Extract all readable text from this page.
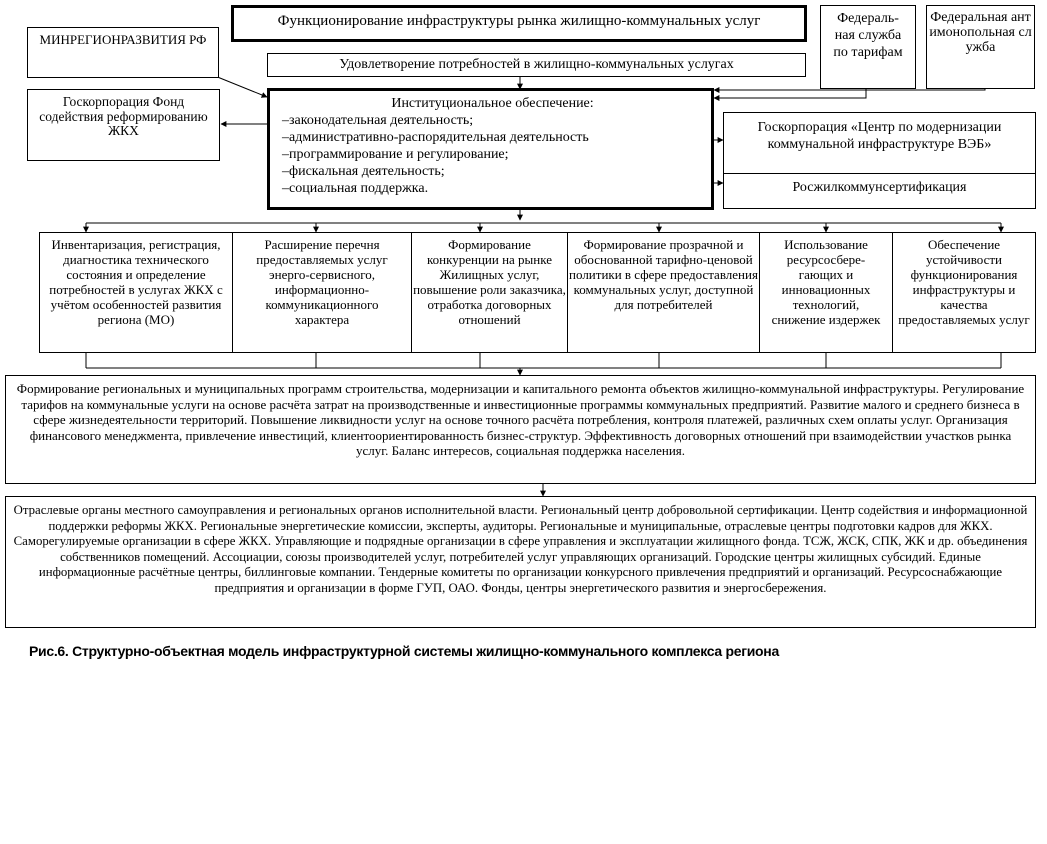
Функционирование инфраструктуры рынка жилищно-коммунальных услуг
Удовлетворение потребностей в жилищно-коммунальных услугах
МИНРЕГИОНРАЗВИТИЯ РФ
Федераль-ная служба по тарифам
Федеральная антимонопольная служба
Госкорпорация Фонд содействия реформированию ЖКХ
Институциональное обеспечение:
–законодательная деятельность;
–административно-распорядительная деятельность
–программирование и регулирование;
–фискальная деятельность;
–социальная поддержка.
Госкорпорация «Центр по модернизации коммунальной инфраструктуре ВЭБ»
Росжилкоммунсертификация
Инвентаризация, регистрация, диагностика технического состояния и определение потребностей в услугах ЖКХ с учётом особенностей развития региона (МО)
Расширение перечня предоставляемых услуг энерго-сервисного, информационно-коммуникационного характера
Формирование конкуренции на рынке Жилищных услуг, повышение роли заказчика, отработка договорных отношений
Формирование прозрачной и обоснованной тарифно-ценовой политики в сфере предоставления коммунальных услуг, доступной для потребителей
Использование ресурсосбере-гающих и инновационных технологий, снижение издержек
Обеспечение устойчивости функционирования инфраструктуры и качества предоставляемых услуг
Формирование региональных и муниципальных программ строительства, модернизации и капитального ремонта объектов жилищно-коммунальной инфраструктуры. Регулирование тарифов на коммунальные услуги на основе расчёта затрат на производственные и инвестиционные программы коммунальных предприятий. Развитие малого и среднего бизнеса в сфере жизнедеятельности территорий. Повышение ликвидности услуг на основе точного расчёта потребления, контроля платежей, различных схем оплаты услуг. Организация финансового менеджмента, привлечение инвестиций, клиентоориентированность бизнес-структур. Эффективность договорных отношений при взаимодействии участков рынка услуг. Баланс интересов, социальная поддержка населения.
Отраслевые органы местного самоуправления и региональных органов исполнительной власти. Региональный центр добровольной сертификации. Центр содействия и информационной поддержки реформы ЖКХ. Региональные энергетические комиссии, эксперты, аудиторы. Региональные и муниципальные, отраслевые центры подготовки кадров для ЖКХ. Саморегулируемые организации в сфере ЖКХ. Управляющие и подрядные организации в сфере управления и эксплуатации жилищного фонда. ТСЖ, ЖСК, СПК, ЖК и др. объединения собственников помещений. Ассоциации, союзы производителей услуг, потребителей услуг управляющих организаций. Городские центры жилищных субсидий. Единые информационные расчётные центры, биллинговые компании. Тендерные комитеты по организации конкурсного привлечения предприятий и организаций. Ресурсоснабжающие предприятия и организации в форме ГУП, ОАО. Фонды, центры энергетического развития и энергосбережения.
Рис.6. Структурно-объектная модель инфраструктурной системы жилищно-коммунального комплекса региона
